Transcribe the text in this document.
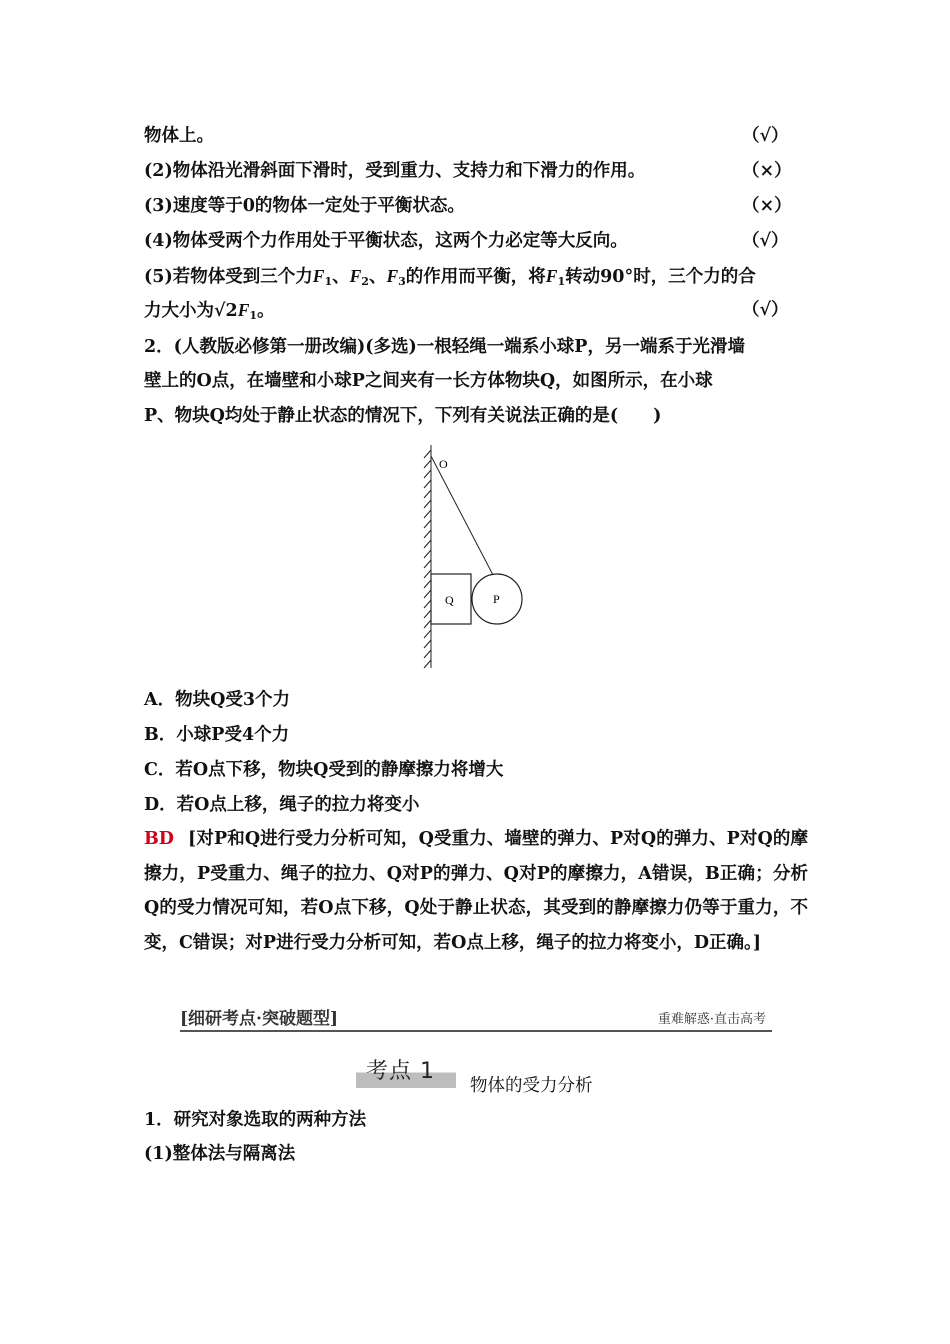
物体上。	（√）
(2)物体沿光滑斜面下滑时，受到重力、支持力和下滑力的作用。	（×）
(3)速度等于0的物体一定处于平衡状态。	（×）
(4)物体受两个力作用处于平衡状态，这两个力必定等大反向。	（√）
(5)若物体受到三个力$F_1$、$F_2$、$F_3$的作用而平衡，将$F_1$转动90°时，三个力的合
力大小为$√2F_1$。	（√）
2．(人教版必修第一册改编)(多选)一根轻绳一端系小球P，另一端系于光滑墙
壁上的O点，在墙壁和小球P之间夹有一长方体物块Q，如图所示，在小球
P、物块Q均处于静止状态的情况下，下列有关说法正确的是(　　)
O
Q	P
A．物块Q受3个力
B．小球P受4个力
C．若O点下移，物块Q受到的静摩擦力将增大
D．若O点上移，绳子的拉力将变小
BD [对P和Q进行受力分析可知，Q受重力、墙壁的弹力、P对Q的弹力、P对Q的摩擦力，P受重力、绳子的拉力、Q对P的弹力、Q对P的摩擦力，A错误，B正确；分析Q的受力情况可知，若O点下移，Q处于静止状态，其受到的静摩擦力仍等于重力，不变，C错误；对P进行受力分析可知，若O点上移，绳子的拉力将变小，D正确。]
[细研考点·突破题型]	重难解惑·直击高考
考点 1
物体的受力分析
1．研究对象选取的两种方法
(1)整体法与隔离法
